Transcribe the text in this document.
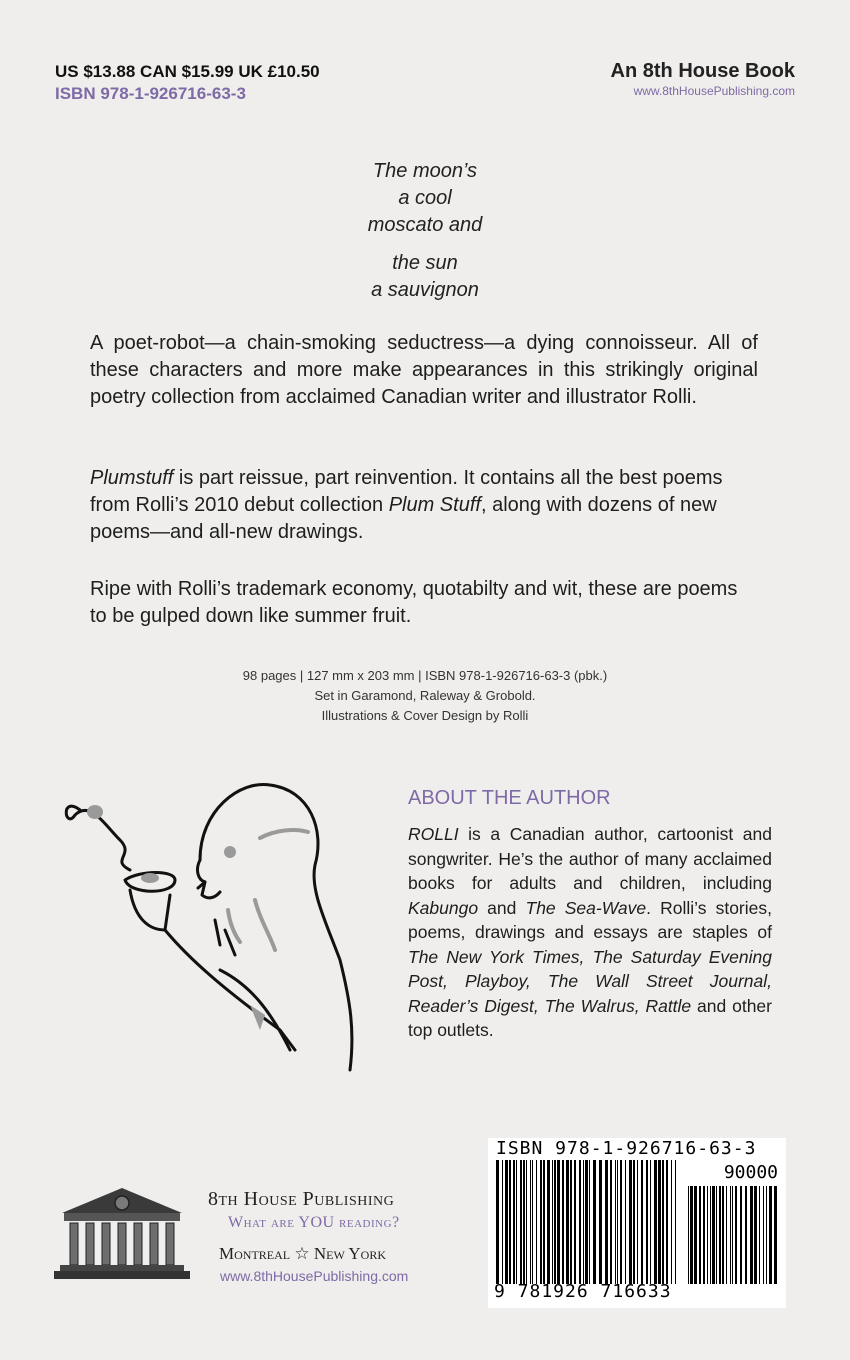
US $13.88 CAN $15.99 UK £10.50
ISBN 978-1-926716-63-3
An 8th House Book
www.8thHousePublishing.com
The moon’s
a cool
moscato and
the sun
a sauvignon
A poet-robot—a chain-smoking seductress—a dying connoisseur. All of these characters and more make appearances in this strikingly original poetry collection from acclaimed Canadian writer and illustrator Rolli.
Plumstuff is part reissue, part reinvention. It contains all the best poems from Rolli’s 2010 debut collection Plum Stuff, along with dozens of new poems—and all-new drawings.
Ripe with Rolli’s trademark economy, quotabilty and wit, these are poems to be gulped down like summer fruit.
98 pages | 127 mm x 203 mm | ISBN 978-1-926716-63-3 (pbk.)
Set in Garamond, Raleway & Grobold.
Illustrations & Cover Design by Rolli
ABOUT THE AUTHOR
ROLLI is a Canadian author, cartoonist and songwriter. He’s the author of many acclaimed books for adults and children, including Kabungo and The Sea-Wave. Rolli’s stories, poems, drawings and essays are staples of The New York Times, The Saturday Evening Post, Playboy, The Wall Street Journal, Reader’s Digest, The Walrus, Rattle and other top outlets.
8th House Publishing
What are YOU reading?
Montreal ☆ New York
www.8thHousePublishing.com
ISBN 978-1-926716-63-3
90000
9 781926 716633
